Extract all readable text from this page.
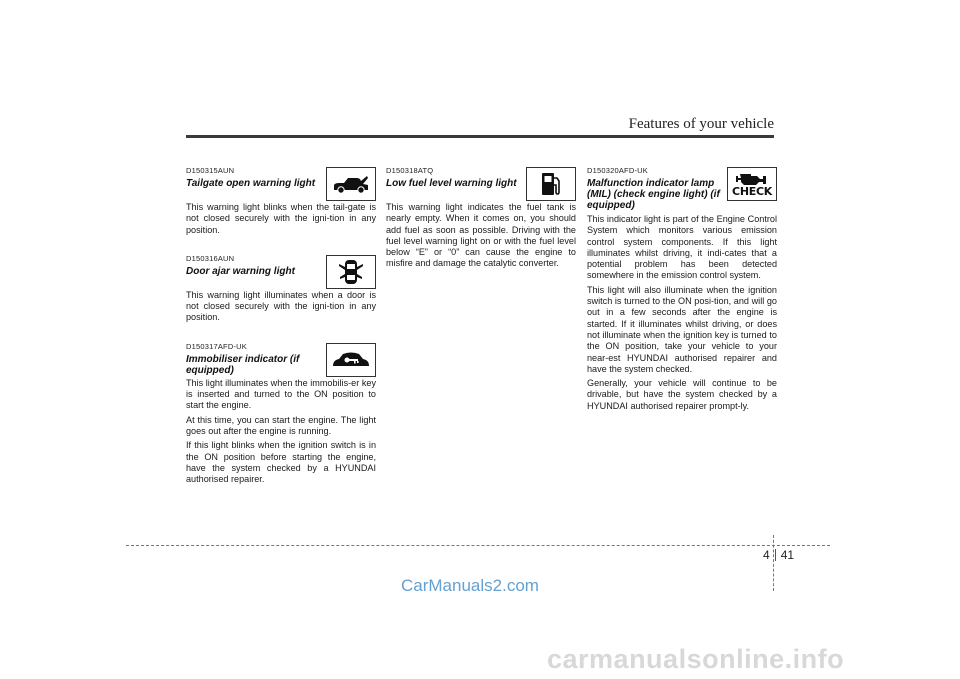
Features of your vehicle
D150315AUN
Tailgate open warning light

This warning light blinks when the tail-gate is not closed securely with the igni-tion in any position.

D150316AUN
Door ajar warning light

This warning light illuminates when a door is not closed securely with the igni-tion in any position.

D150317AFD-UK
Immobiliser indicator (if equipped)

This light illuminates when the immobilis-er key is inserted and turned to the ON position to start the engine.

At this time, you can start the engine. The light goes out after the engine is running.

If this light blinks when the ignition switch is in the ON position before starting the engine, have the system checked by a HYUNDAI authorised repairer.

D150318ATQ
Low fuel level warning light

This warning light indicates the fuel tank is nearly empty. When it comes on, you should add fuel as soon as possible. Driving with the fuel level warning light on or with the fuel level below “E” or “0” can cause the engine to misfire and damage the catalytic converter.

D150320AFD-UK
Malfunction indicator lamp (MIL) (check engine light) (if equipped)
CHECK

This indicator light is part of the Engine Control System which monitors various emission control system components. If this light illuminates whilst driving, it indi-cates that a potential problem has been detected somewhere in the emission control system.

This light will also illuminate when the ignition switch is turned to the ON posi-tion, and will go out in a few seconds after the engine is started. If it illuminates whilst driving, or does not illuminate when the ignition key is turned to the ON position, take your vehicle to your near-est HYUNDAI authorised repairer and have the system checked.

Generally, your vehicle will continue to be drivable, but have the system checked by a HYUNDAI authorised repairer prompt-ly.

4 41
CarManuals2.com
carmanualsonline.info
